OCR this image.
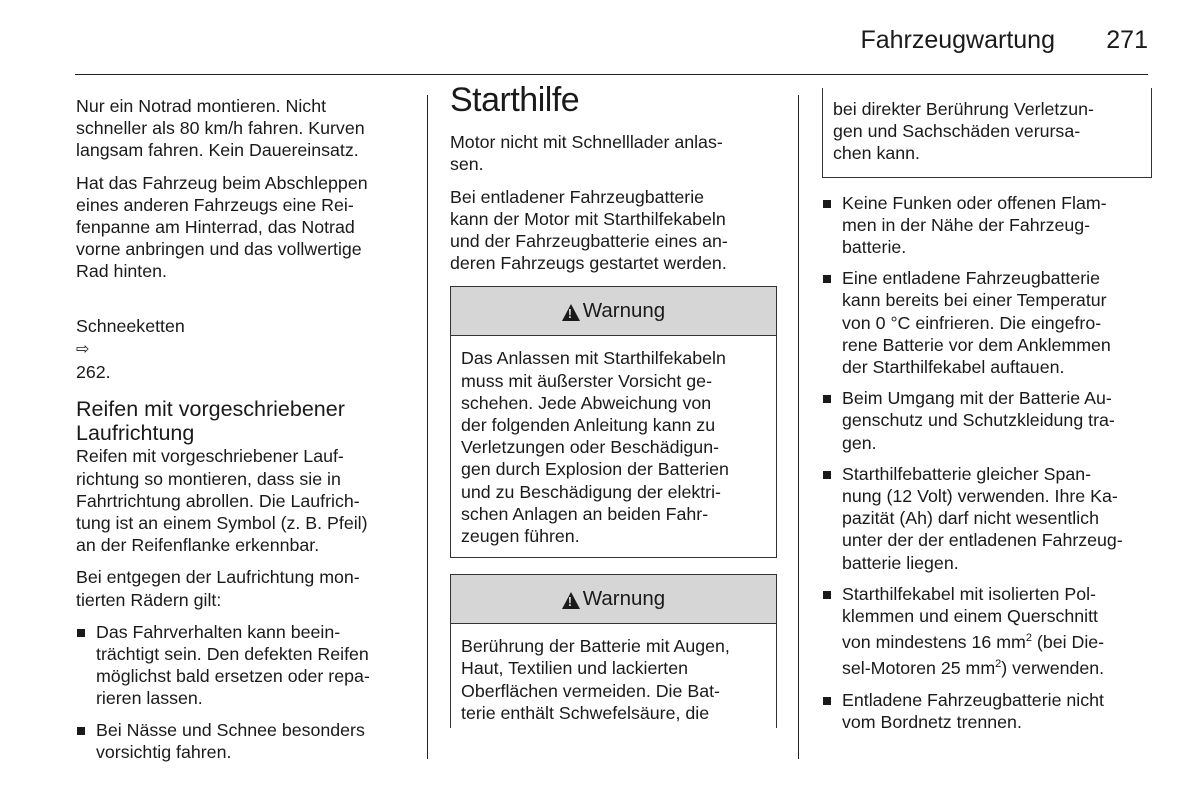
Fahrzeugwartung 271

Nur ein Notrad montieren. Nicht
schneller als 80 km/h fahren. Kurven
langsam fahren. Kein Dauereinsatz.

Hat das Fahrzeug beim Abschleppen
eines anderen Fahrzeugs eine Rei-
fenpanne am Hinterrad, das Notrad
vorne anbringen und das vollwertige
Rad hinten.

Schneeketten
⇨
262.

Reifen mit vorgeschriebener
Laufrichtung

Reifen mit vorgeschriebener Lauf-
richtung so montieren, dass sie in
Fahrtrichtung abrollen. Die Laufrich-
tung ist an einem Symbol (z. B. Pfeil)
an der Reifenflanke erkennbar.

Bei entgegen der Laufrichtung mon-
tierten Rädern gilt:

Das Fahrverhalten kann beein-
trächtigt sein. Den defekten Reifen
möglichst bald ersetzen oder repa-
rieren lassen.
Bei Nässe und Schnee besonders
vorsichtig fahren.
Starthilfe

Motor nicht mit Schnelllader anlas-
sen.

Bei entladener Fahrzeugbatterie
kann der Motor mit Starthilfekabeln
und der Fahrzeugbatterie eines an-
deren Fahrzeugs gestartet werden.

!
Warnung
Das Anlassen mit Starthilfekabeln
muss mit äußerster Vorsicht ge-
schehen. Jede Abweichung von
der folgenden Anleitung kann zu
Verletzungen oder Beschädigun-
gen durch Explosion der Batterien
und zu Beschädigung der elektri-
schen Anlagen an beiden Fahr-
zeugen führen.
!
Warnung
Berührung der Batterie mit Augen,
Haut, Textilien und lackierten
Oberflächen vermeiden. Die Bat-
terie enthält Schwefelsäure, die
bei direkter Berührung Verletzun-
gen und Sachschäden verursa-
chen kann.
Keine Funken oder offenen Flam-
men in der Nähe der Fahrzeug-
batterie.
Eine entladene Fahrzeugbatterie
kann bereits bei einer Temperatur
von 0 °C einfrieren. Die eingefro-
rene Batterie vor dem Anklemmen
der Starthilfekabel auftauen.
Beim Umgang mit der Batterie Au-
genschutz und Schutzkleidung tra-
gen.
Starthilfebatterie gleicher Span-
nung (12 Volt) verwenden. Ihre Ka-
pazität (Ah) darf nicht wesentlich
unter der der entladenen Fahrzeug-
batterie liegen.
Starthilfekabel mit isolierten Pol-
klemmen und einem Querschnitt
von mindestens 16 $mm^2$ (bei Die-
sel-Motoren 25 $mm^2$) verwenden.
Entladene Fahrzeugbatterie nicht
vom Bordnetz trennen.
